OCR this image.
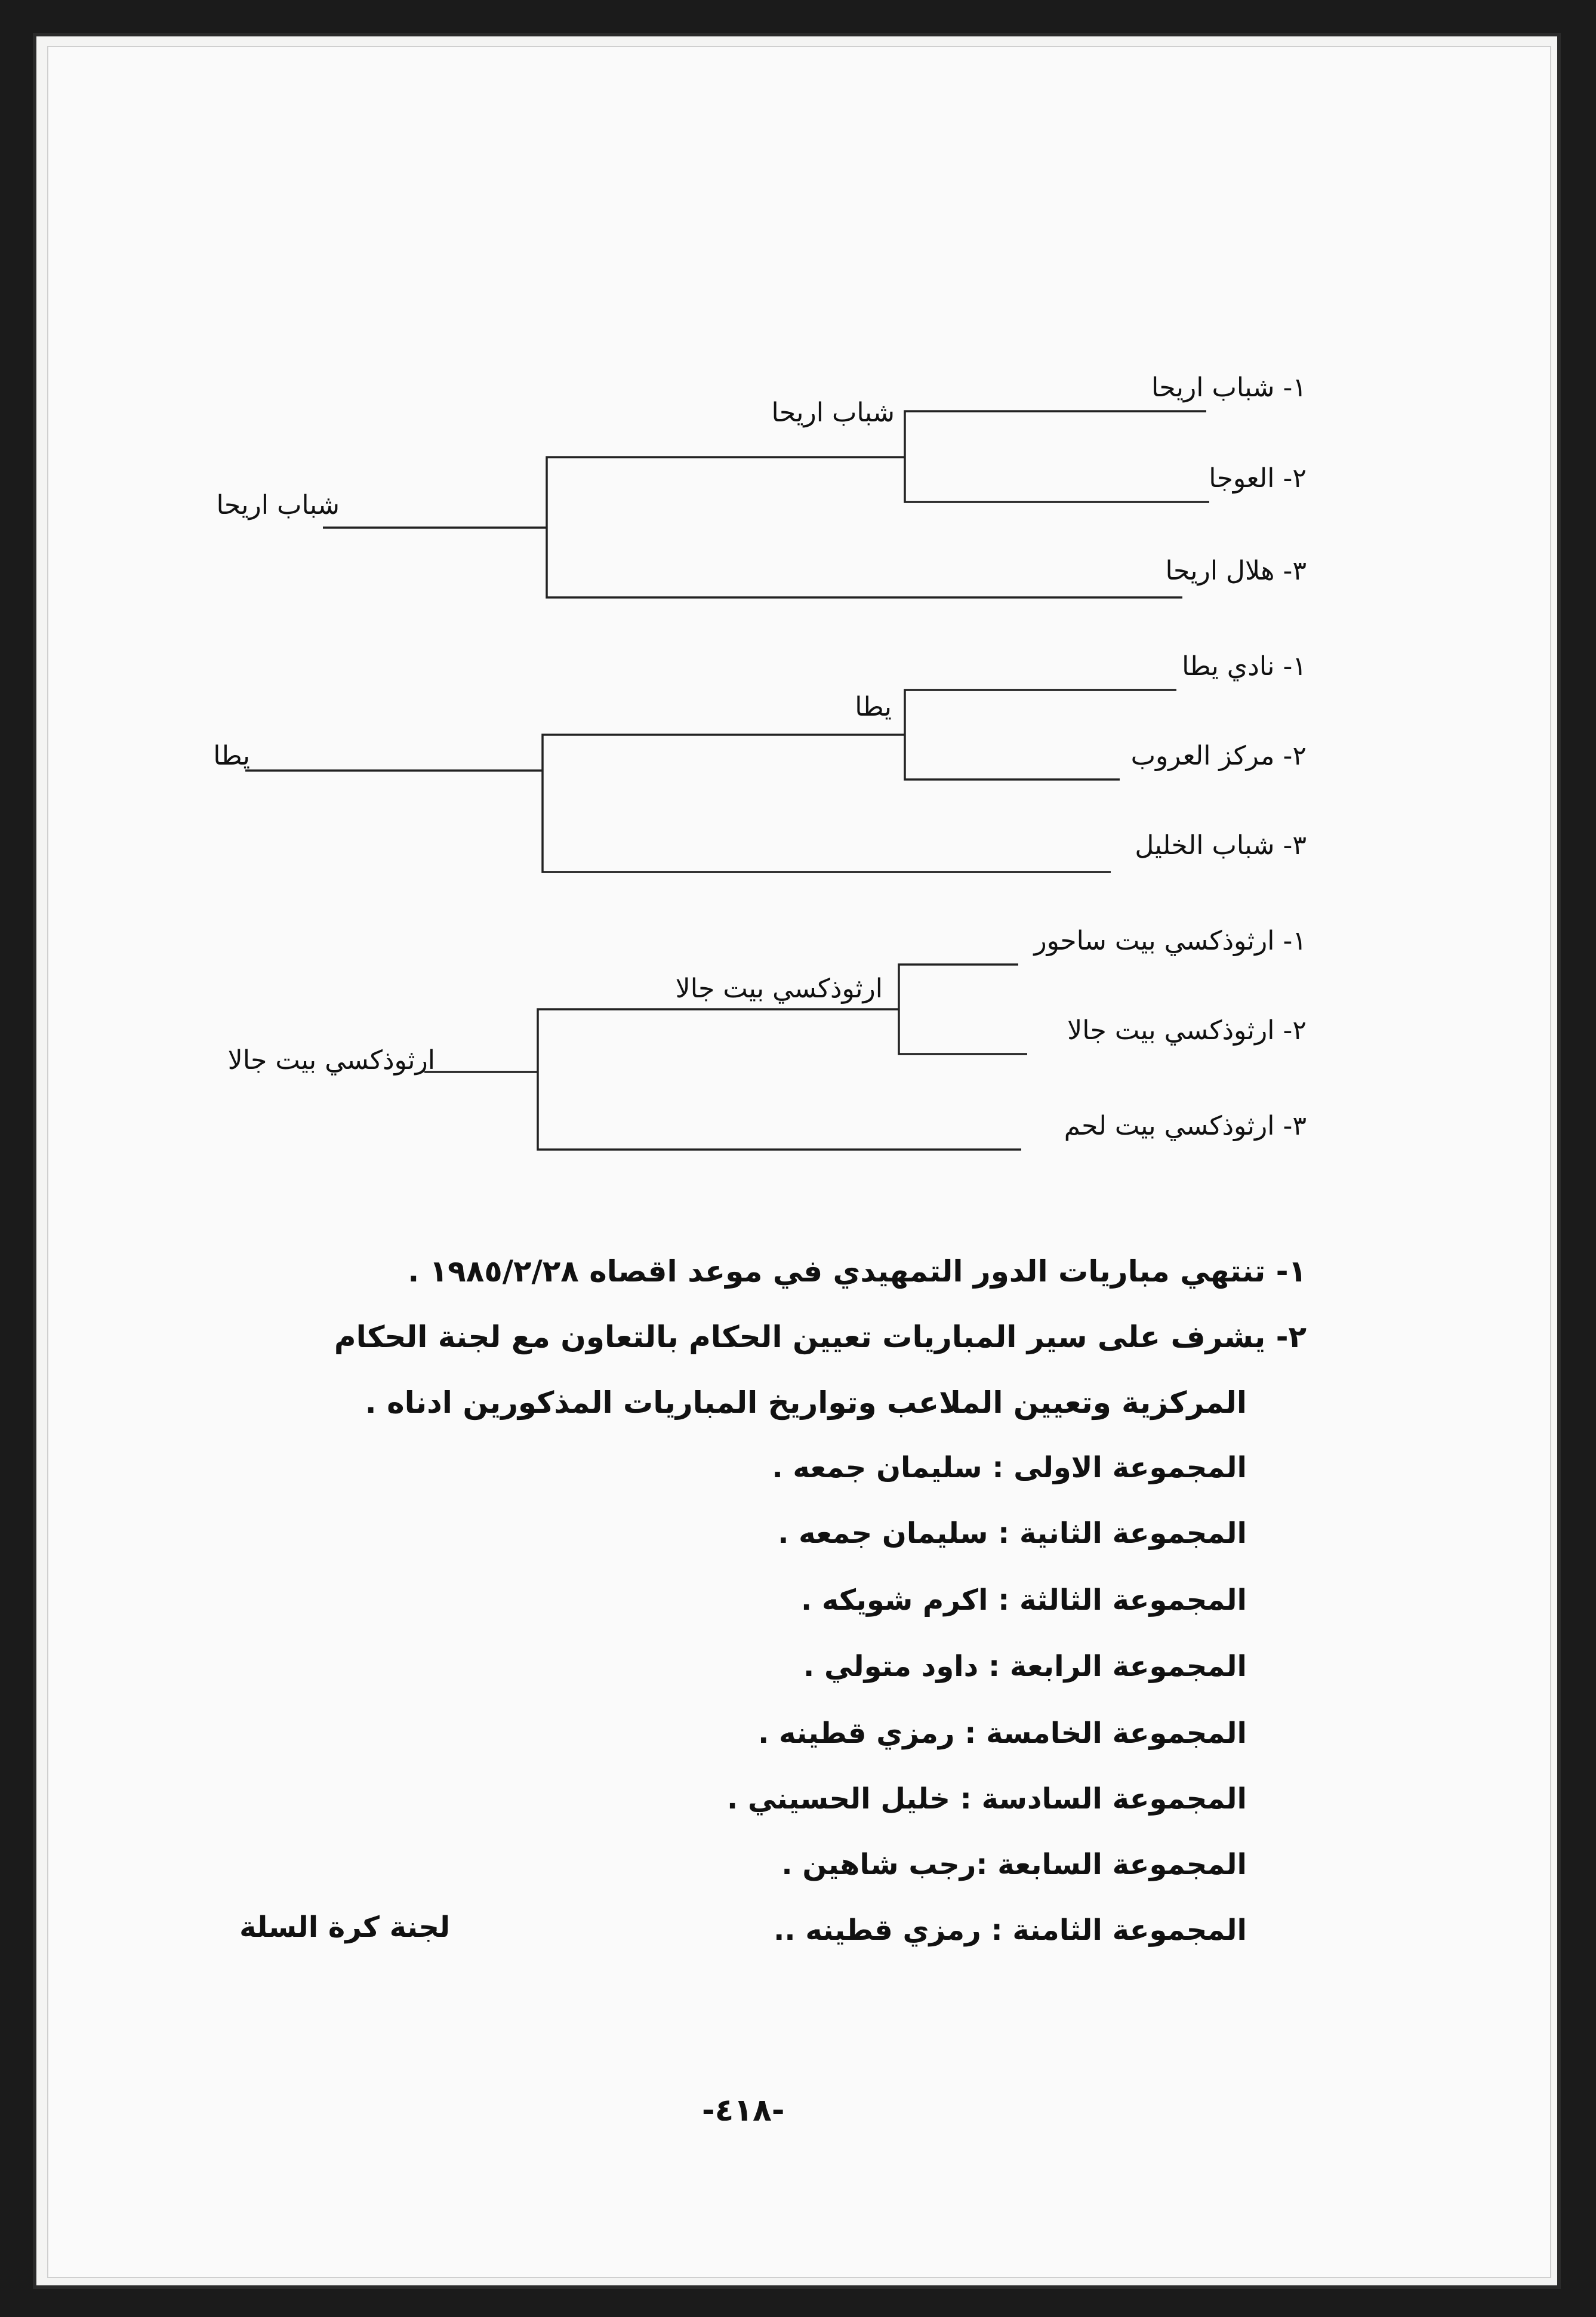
١- شباب اريحا
٢- العوجا
٣- هلال اريحا
شباب اريحا
شباب اريحا
١- نادي يطا
٢- مركز العروب
٣- شباب الخليل
يطا
يطا
١- ارثوذكسي بيت ساحور
٢- ارثوذكسي بيت جالا
٣- ارثوذكسي بيت لحم
ارثوذكسي بيت جالا
ارثوذكسي بيت جالا
١- تنتهي مباريات الدور التمهيدي في موعد اقصاه ١٩٨٥/٢/٢٨ .
٢- يشرف على سير المباريات تعيين الحكام بالتعاون مع لجنة الحكام
المركزية وتعيين الملاعب وتواريخ المباريات المذكورين ادناه .
المجموعة الاولى : سليمان جمعه .
المجموعة الثانية : سليمان جمعه .
المجموعة الثالثة : اكرم شويكه .
المجموعة الرابعة : داود متولي .
المجموعة الخامسة : رمزي قطينه .
المجموعة السادسة : خليل الحسيني .
المجموعة السابعة :رجب شاهين .
المجموعة الثامنة : رمزي قطينه ..
لجنة كرة السلة
-٤١٨-
